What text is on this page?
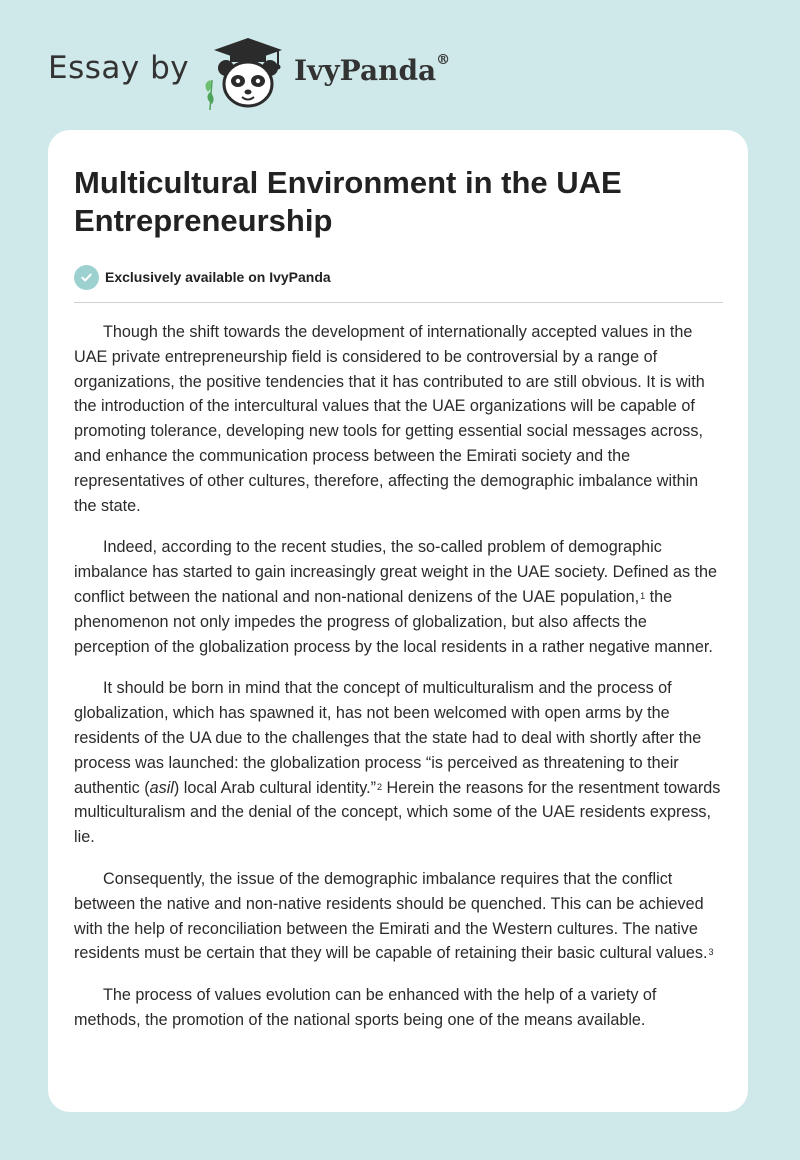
Essay by	IvyPanda®
Multicultural Environment in the UAE Entrepreneurship
Exclusively available on IvyPanda

Though the shift towards the development of internationally accepted values in the UAE private entrepreneurship field is considered to be controversial by a range of organizations, the positive tendencies that it has contributed to are still obvious. It is with the introduction of the intercultural values that the UAE organizations will be capable of promoting tolerance, developing new tools for getting essential social messages across, and enhance the communication process between the Emirati society and the representatives of other cultures, therefore, affecting the demographic imbalance within the state.

Indeed, according to the recent studies, the so-called problem of demographic imbalance has started to gain increasingly great weight in the UAE society. Defined as the conflict between the national and non-national denizens of the UAE population,$^1$ the phenomenon not only impedes the progress of globalization, but also affects the perception of the globalization process by the local residents in a rather negative manner.

It should be born in mind that the concept of multiculturalism and the process of globalization, which has spawned it, has not been welcomed with open arms by the residents of the UA due to the challenges that the state had to deal with shortly after the process was launched: the globalization process “is perceived as threatening to their authentic (asil) local Arab cultural identity.”$^2$ Herein the reasons for the resentment towards multiculturalism and the denial of the concept, which some of the UAE residents express, lie.

Consequently, the issue of the demographic imbalance requires that the conflict between the native and non-native residents should be quenched. This can be achieved with the help of reconciliation between the Emirati and the Western cultures. The native residents must be certain that they will be capable of retaining their basic cultural values.$^3$

The process of values evolution can be enhanced with the help of a variety of methods, the promotion of the national sports being one of the means available.
